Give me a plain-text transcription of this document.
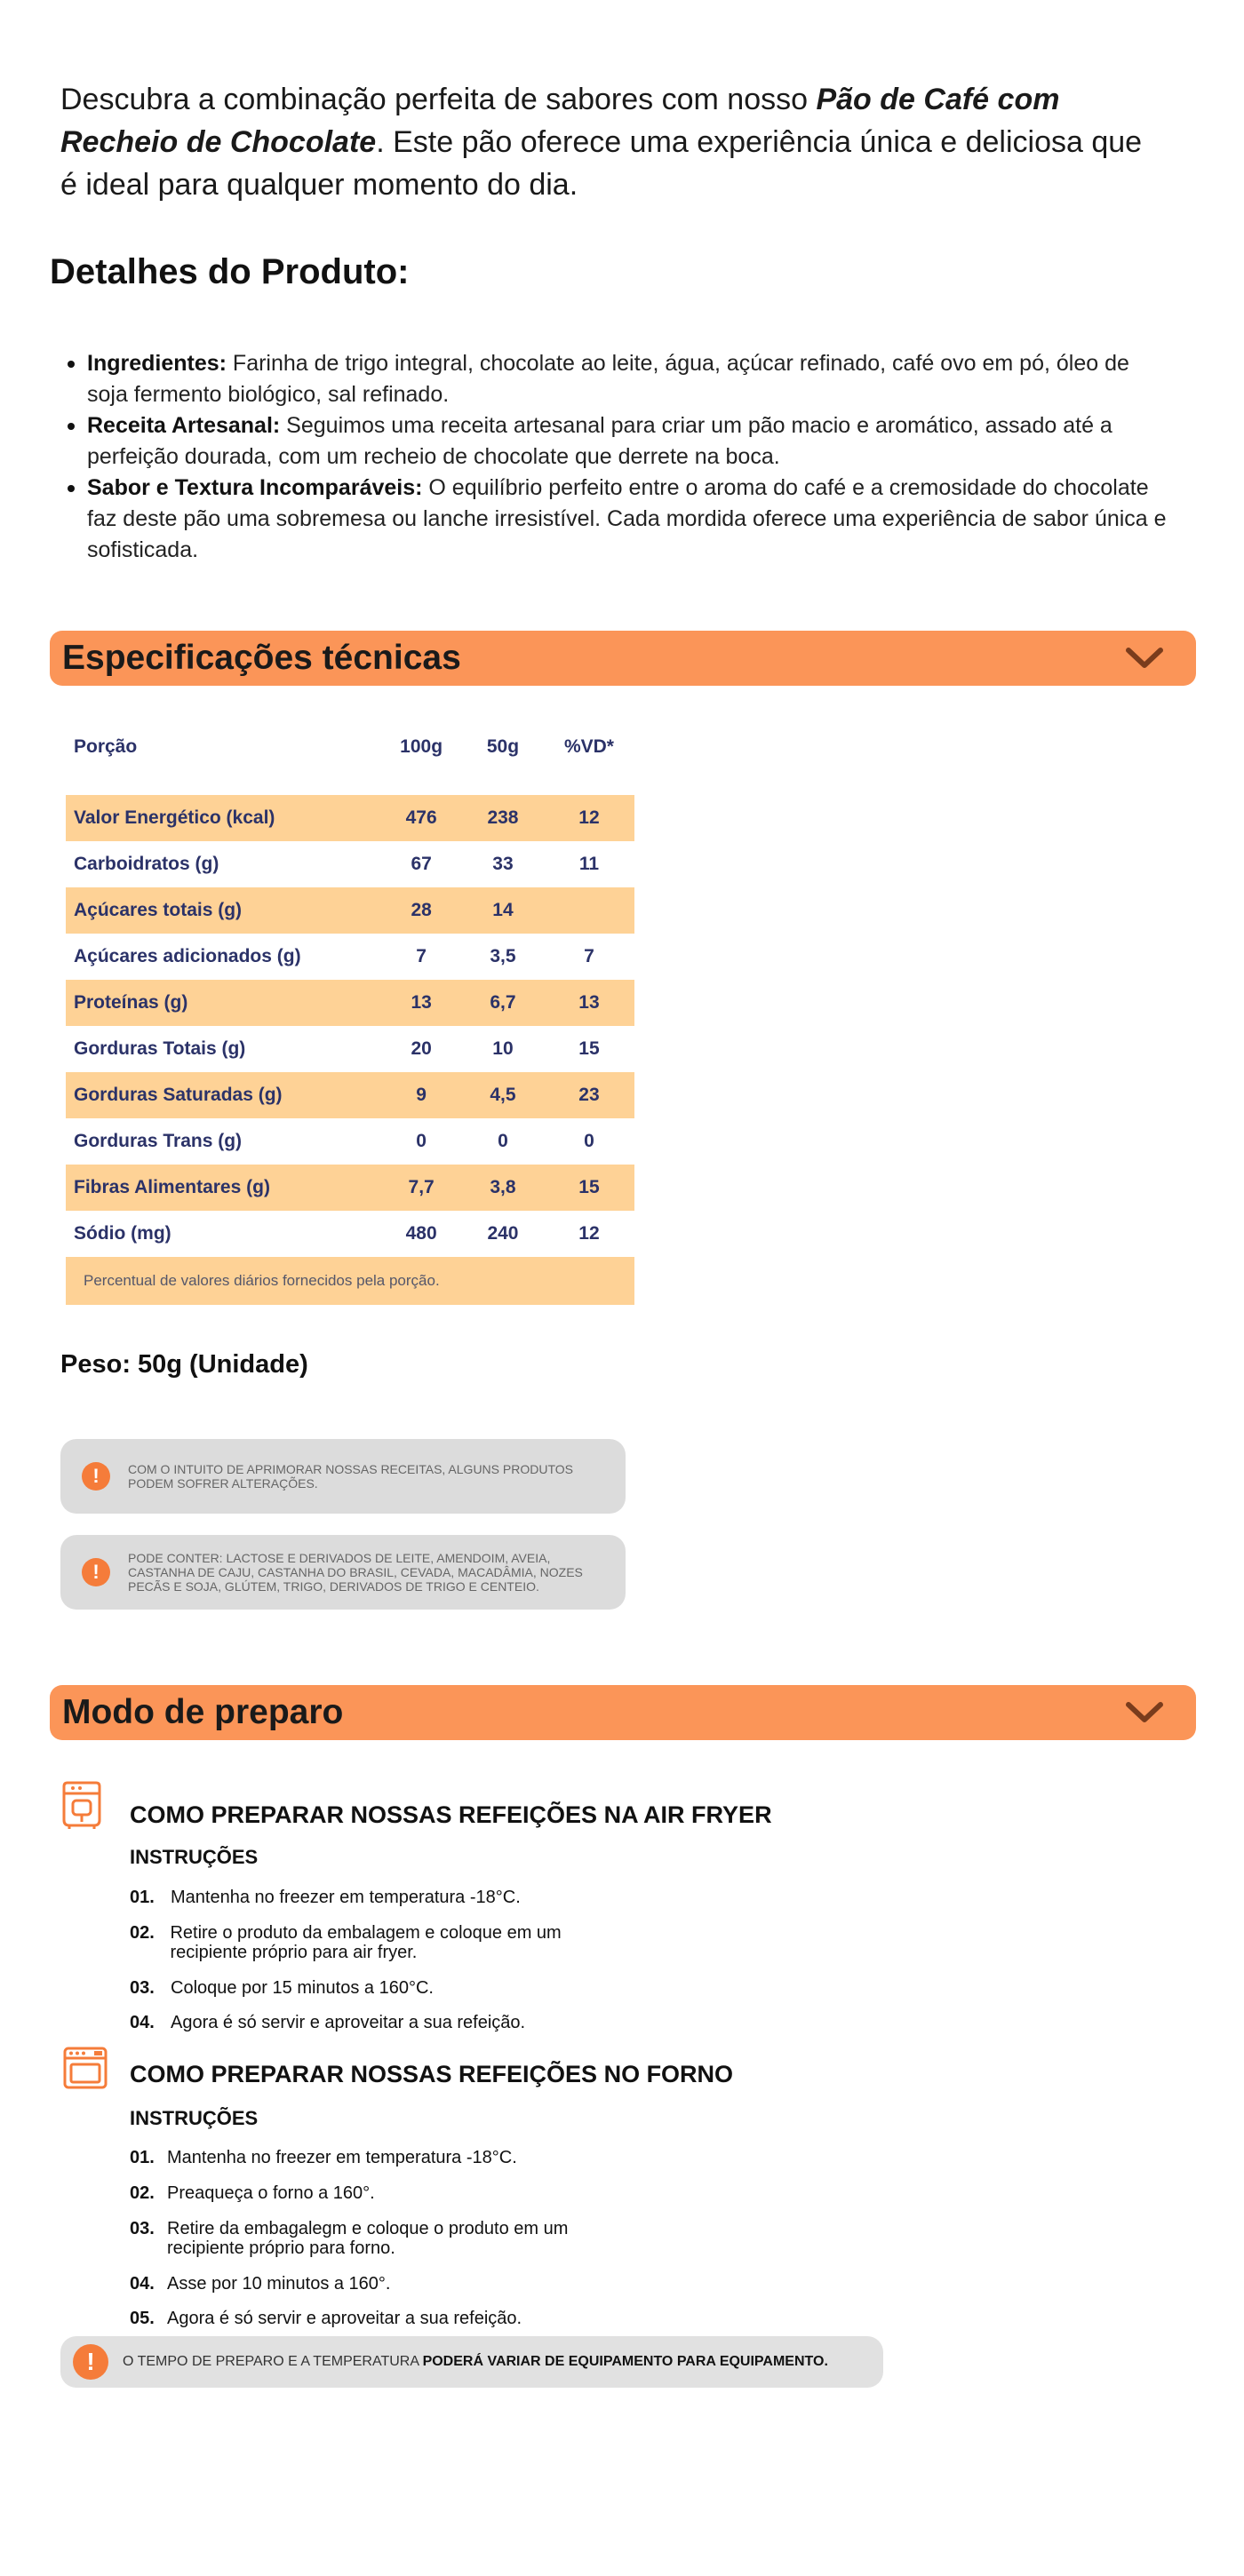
Descubra a combinação perfeita de sabores com nosso Pão de Café com Recheio de Chocolate. Este pão oferece uma experiência única e deliciosa que é ideal para qualquer momento do dia.

Detalhes do Produto:
Ingredientes: Farinha de trigo integral, chocolate ao leite, água, açúcar refinado, café ovo em pó, óleo de soja fermento biológico, sal refinado.
Receita Artesanal: Seguimos uma receita artesanal para criar um pão macio e aromático, assado até a perfeição dourada, com um recheio de chocolate que derrete na boca.
Sabor e Textura Incomparáveis: O equilíbrio perfeito entre o aroma do café e a cremosidade do chocolate faz deste pão uma sobremesa ou lanche irresistível. Cada mordida oferece uma experiência de sabor única e sofisticada.
Especificações técnicas
Porção	100g	50g	%VD*

Valor Energético (kcal)	476	238	12
Carboidratos (g)	67	33	11
Açúcares totais (g)	28	14	
Açúcares adicionados (g)	7	3,5	7
Proteínas (g)	13	6,7	13
Gorduras Totais (g)	20	10	15
Gorduras Saturadas (g)	9	4,5	23
Gorduras Trans (g)	0	0	0
Fibras Alimentares (g)	7,7	3,8	15
Sódio (mg)	480	240	12
Percentual de valores diários fornecidos pela porção.			
Peso: 50g (Unidade)
!	COM O INTUITO DE APRIMORAR NOSSAS RECEITAS, ALGUNS PRODUTOS PODEM SOFRER ALTERAÇÕES.
!
PODE CONTER: LACTOSE E DERIVADOS DE LEITE, AMENDOIM, AVEIA, CASTANHA DE CAJU, CASTANHA DO BRASIL, CEVADA, MACADÂMIA, NOZES PECÃS E SOJA, GLÚTEM, TRIGO, DERIVADOS DE TRIGO E CENTEIO.
Modo de preparo
COMO PREPARAR NOSSAS REFEIÇÕES NA AIR FRYER
INSTRUÇÕES
01. Mantenha no freezer em temperatura -18°C.
02. Retire o produto da embalagem e coloque em um recipiente próprio para air fryer.
03. Coloque por 15 minutos a 160°C.
04. Agora é só servir e aproveitar a sua refeição.
COMO PREPARAR NOSSAS REFEIÇÕES NO FORNO
INSTRUÇÕES
01. Mantenha no freezer em temperatura -18°C.
02. Preaqueça o forno a 160°.
03. Retire da embagalegm e coloque o produto em um recipiente próprio para forno.
04. Asse por 10 minutos a 160°.
05. Agora é só servir e aproveitar a sua refeição.
!	O TEMPO DE PREPARO E A TEMPERATURA PODERÁ VARIAR DE EQUIPAMENTO PARA EQUIPAMENTO.
